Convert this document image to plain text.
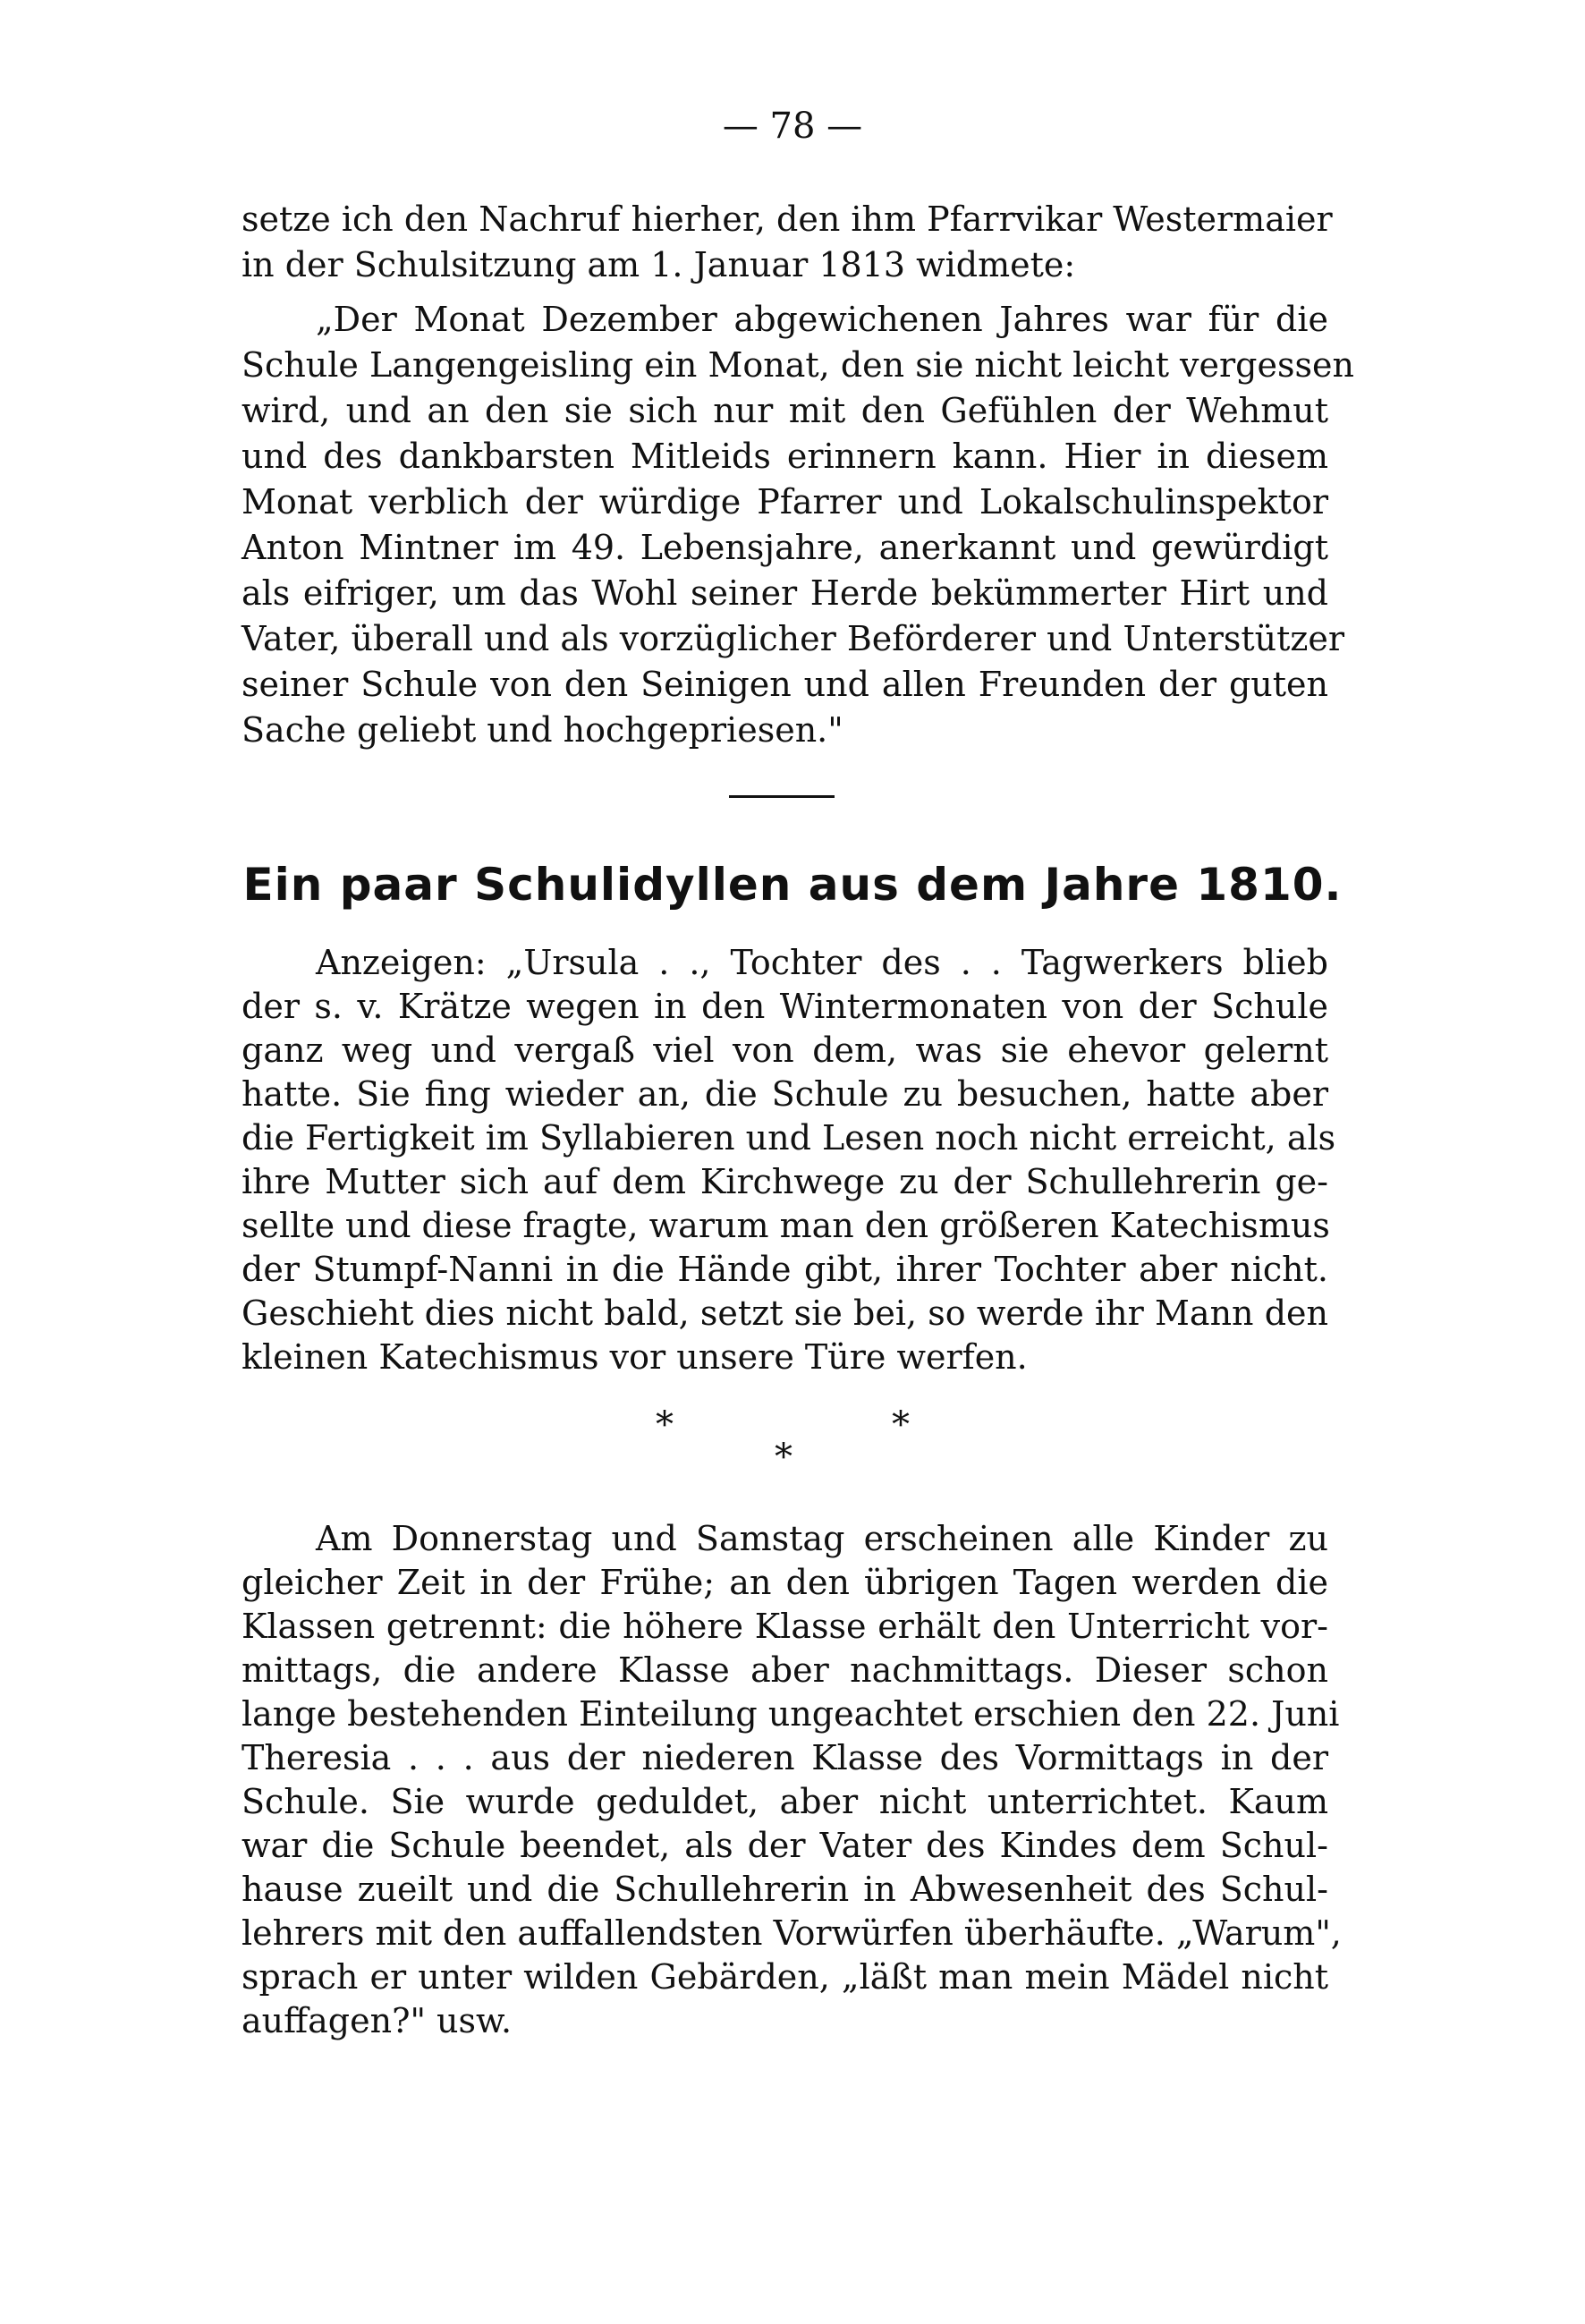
— 78 —
setze ich den Nachruf hierher, den ihm Pfarrvikar Westermaier
in der Schulsitzung am 1. Januar 1813 widmete:
„Der Monat Dezember abgewichenen Jahres war für die
Schule Langengeisling ein Monat, den sie nicht leicht vergessen
wird, und an den sie sich nur mit den Gefühlen der Wehmut
und des dankbarsten Mitleids erinnern kann. Hier in diesem
Monat verblich der würdige Pfarrer und Lokalschulinspektor
Anton Mintner im 49. Lebensjahre, anerkannt und gewürdigt
als eifriger, um das Wohl seiner Herde bekümmerter Hirt und
Vater, überall und als vorzüglicher Beförderer und Unterstützer
seiner Schule von den Seinigen und allen Freunden der guten
Sache geliebt und hochgepriesen."
Ein paar Schulidyllen aus dem Jahre 1810.
Anzeigen: „Ursula . ., Tochter des . . Tagwerkers blieb
der s. v. Krätze wegen in den Wintermonaten von der Schule
ganz weg und vergaß viel von dem, was sie ehevor gelernt
hatte. Sie fing wieder an, die Schule zu besuchen, hatte aber
die Fertigkeit im Syllabieren und Lesen noch nicht erreicht, als
ihre Mutter sich auf dem Kirchwege zu der Schullehrerin ge-
sellte und diese fragte, warum man den größeren Katechismus
der Stumpf-Nanni in die Hände gibt, ihrer Tochter aber nicht.
Geschieht dies nicht bald, setzt sie bei, so werde ihr Mann den
kleinen Katechismus vor unsere Türe werfen.
*	*
*
Am Donnerstag und Samstag erscheinen alle Kinder zu
gleicher Zeit in der Frühe; an den übrigen Tagen werden die
Klassen getrennt: die höhere Klasse erhält den Unterricht vor-
mittags, die andere Klasse aber nachmittags. Dieser schon
lange bestehenden Einteilung ungeachtet erschien den 22. Juni
Theresia . . . aus der niederen Klasse des Vormittags in der
Schule. Sie wurde geduldet, aber nicht unterrichtet. Kaum
war die Schule beendet, als der Vater des Kindes dem Schul-
hause zueilt und die Schullehrerin in Abwesenheit des Schul-
lehrers mit den auffallendsten Vorwürfen überhäufte. „Warum",
sprach er unter wilden Gebärden, „läßt man mein Mädel nicht
auffagen?" usw.
